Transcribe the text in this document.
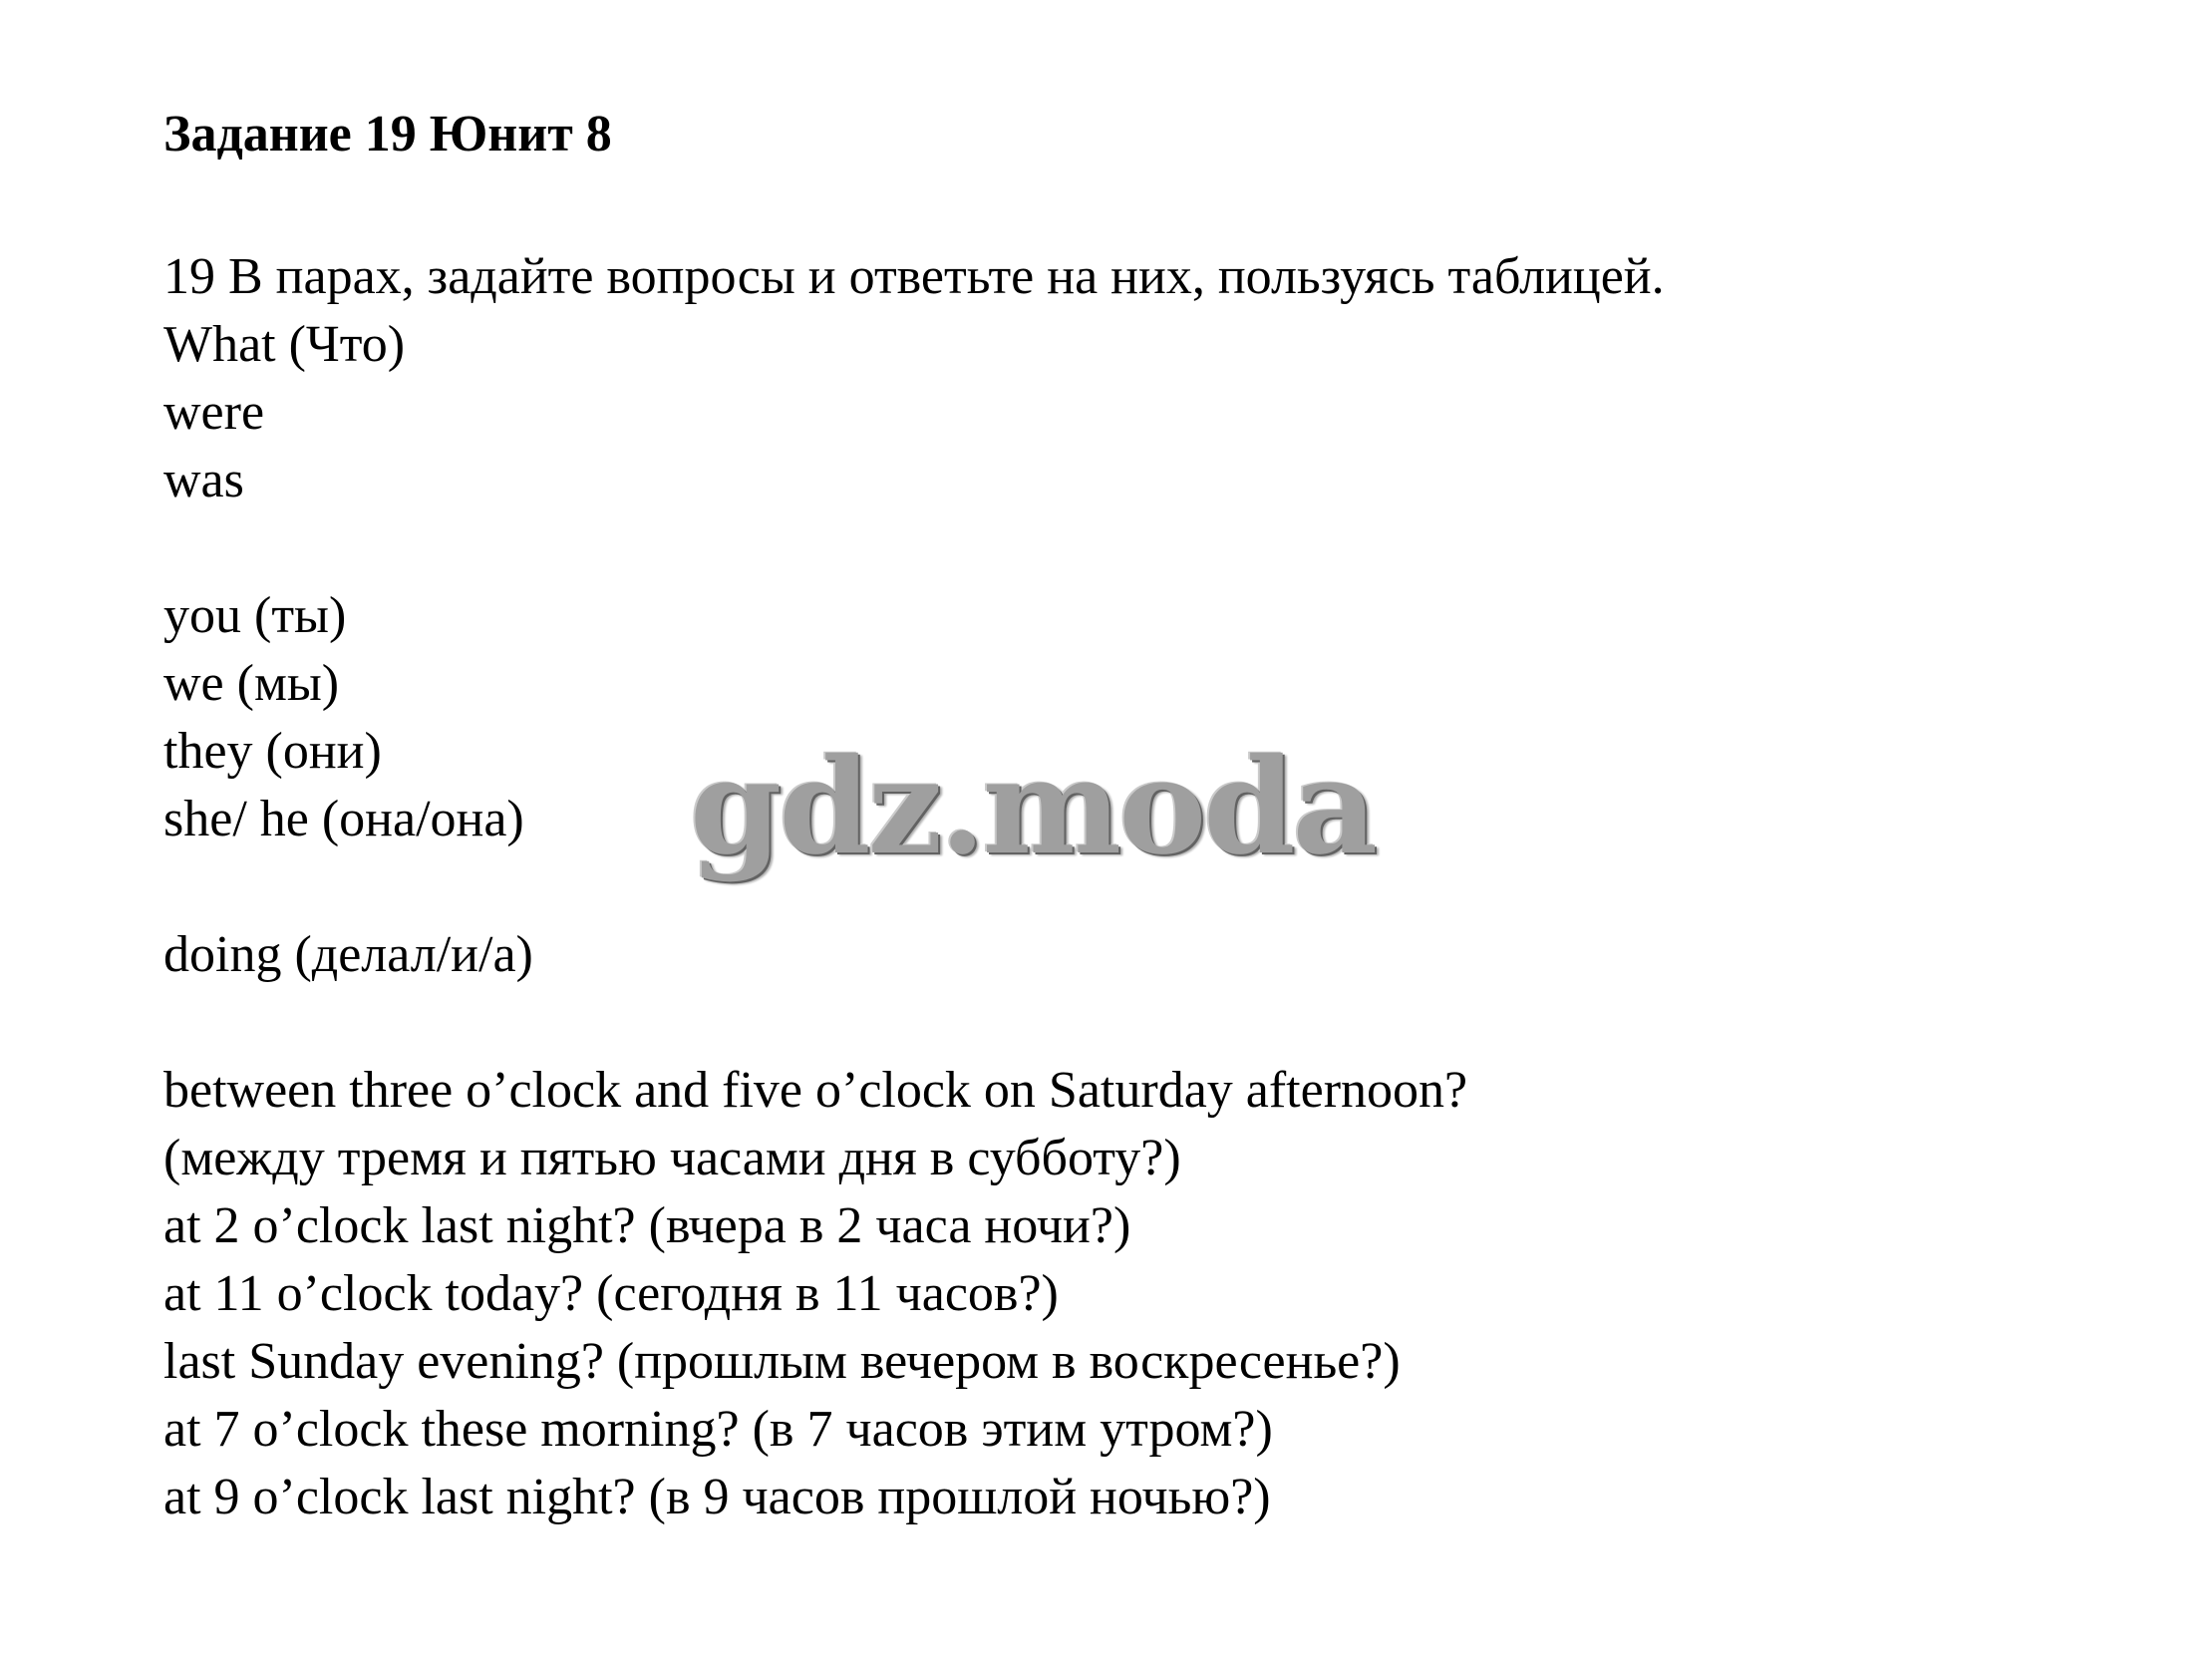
Задание 19 Юнит 8

19 В парах, задайте вопросы и ответьте на них, пользуясь таблицей.

What (Что)

were

was

you (ты)

we (мы)

they (они)

she/ he (она/она)

doing (делал/и/а)

between three o’clock and five o’clock on Saturday afternoon?

(между тремя и пятью часами дня в субботу?)

at 2 o’clock last night? (вчера в 2 часа ночи?)

at 11 o’clock today? (сегодня в 11 часов?)

last Sunday evening? (прошлым вечером в воскресенье?)

at 7 o’clock these morning? (в 7 часов этим утром?)

at 9 o’clock last night? (в 9 часов прошлой ночью?)

gdz.moda
